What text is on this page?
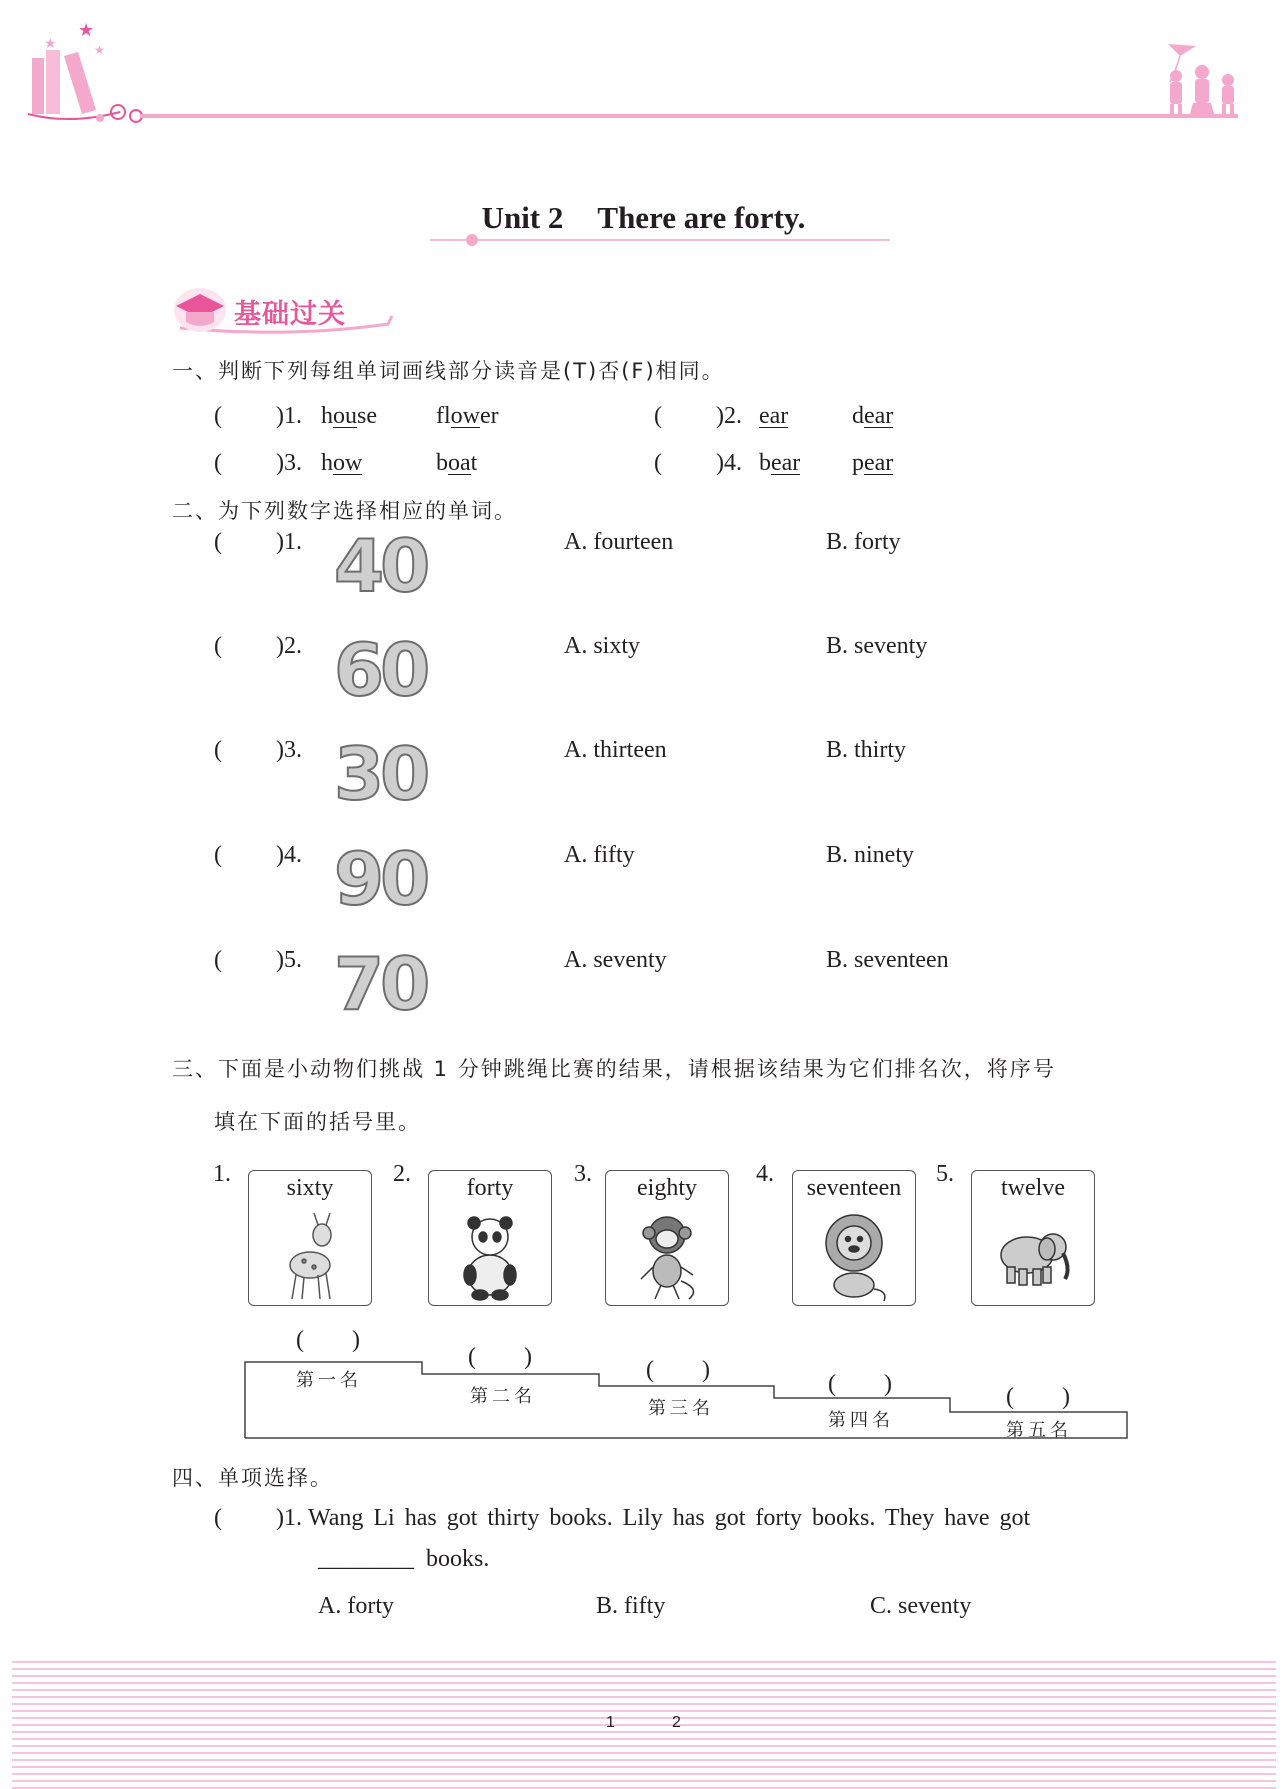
★
★	★
Unit 2 There are forty.
基础过关
一、判断下列每组单词画线部分读音是(T)否(F)相同。
( )1. house flower	( )2. ear	dear
( )3. how	boat	( )4. bear pear
二、为下列数字选择相应的单词。
( )1. 40	A. fourteen	B. forty
( )2. 60	A. sixty	B. seventy
( )3. 30	A. thirteen	B. thirty
( )4. 90	A. fifty	B. ninety
( )5. 70	A. seventy	B. seventeen
三、下面是小动物们挑战 1 分钟跳绳比赛的结果，请根据该结果为它们排名次，将序号
填在下面的括号里。
1.
sixty
2.
forty
3.
eighty
4.
seventeen
5.
twelve
(　　)
第一名
(　　)
第二名
(　　)
第三名
(　　)
第四名
(　　)
第五名
四、单项选择。
( )1. Wang Li has got thirty books. Lily has got forty books. They have got
________ books.
A. forty	B. fifty	C. seventy
1	2
